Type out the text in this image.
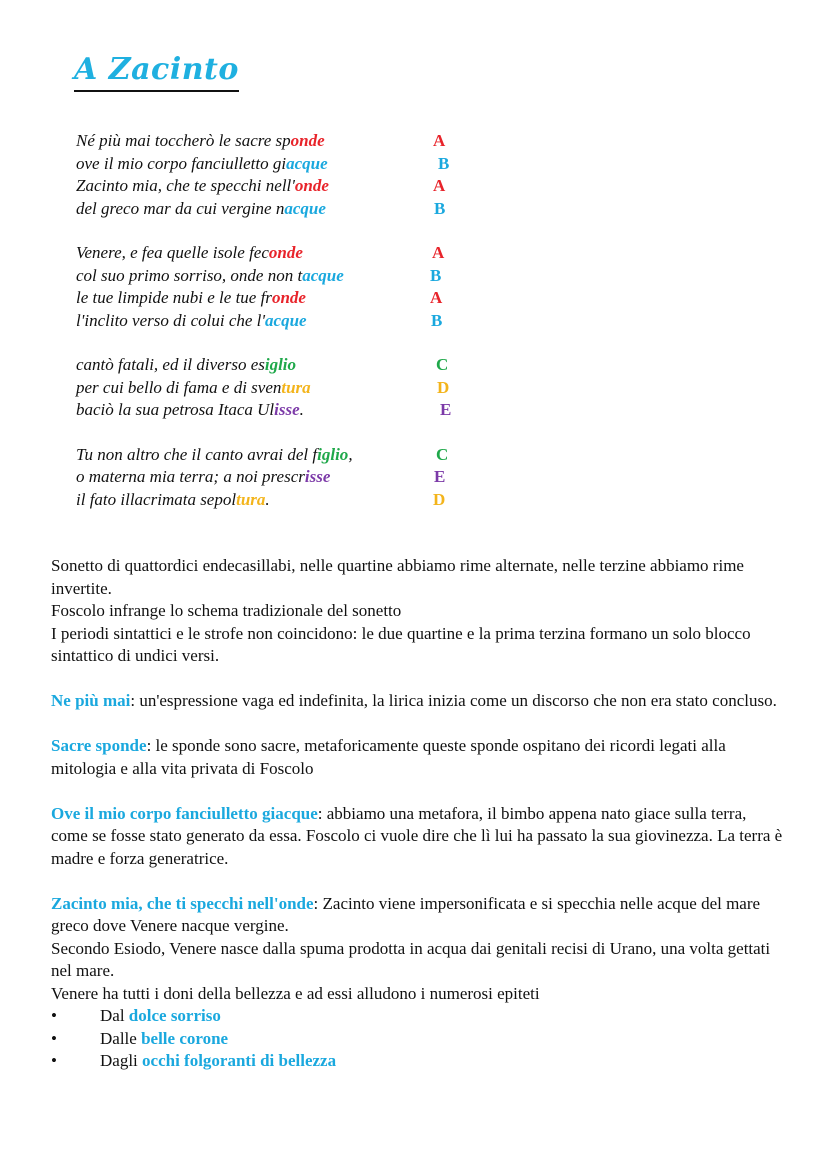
A Zacinto
Né più mai toccherò le sacre sponde	A
ove il mio corpo fanciulletto giacque	B
Zacinto mia, che te specchi nell'onde	A
del greco mar da cui vergine nacque	B
Venere, e fea quelle isole feconde	A
col suo primo sorriso, onde non tacque	B
le tue limpide nubi e le tue fronde	A
l'inclito verso di colui che l'acque	B
cantò fatali, ed il diverso esiglio	C
per cui bello di fama e di sventura	D
baciò la sua petrosa Itaca Ulisse.	E
Tu non altro che il canto avrai del figlio,	C
o materna mia terra; a noi prescrisse	E
il fato illacrimata sepoltura.	D

Sonetto di quattordici endecasillabi, nelle quartine abbiamo rime alternate, nelle terzine abbiamo rime invertite.

Foscolo infrange lo schema tradizionale del sonetto

I periodi sintattici e le strofe non coincidono: le due quartine e la prima terzina formano un solo blocco sintattico di undici versi.

Ne più mai: un'espressione vaga ed indefinita, la lirica inizia come un discorso che non era stato concluso.

Sacre sponde: le sponde sono sacre, metaforicamente queste sponde ospitano dei ricordi legati alla mitologia e alla vita privata di Foscolo

Ove il mio corpo fanciulletto giacque: abbiamo una metafora, il bimbo appena nato giace sulla terra, come se fosse stato generato da essa. Foscolo ci vuole dire che lì lui ha passato la sua giovinezza. La terra è madre e forza generatrice.

Zacinto mia, che ti specchi nell'onde: Zacinto viene impersonificata e si specchia nelle acque del mare greco dove Venere nacque vergine.

Secondo Esiodo, Venere nasce dalla spuma prodotta in acqua dai genitali recisi di Urano, una volta gettati nel mare.

Venere ha tutti i doni della bellezza e ad essi alludono i numerosi epiteti

•	Dal dolce sorriso
•	Dalle belle corone
•	Dagli occhi folgoranti di bellezza
